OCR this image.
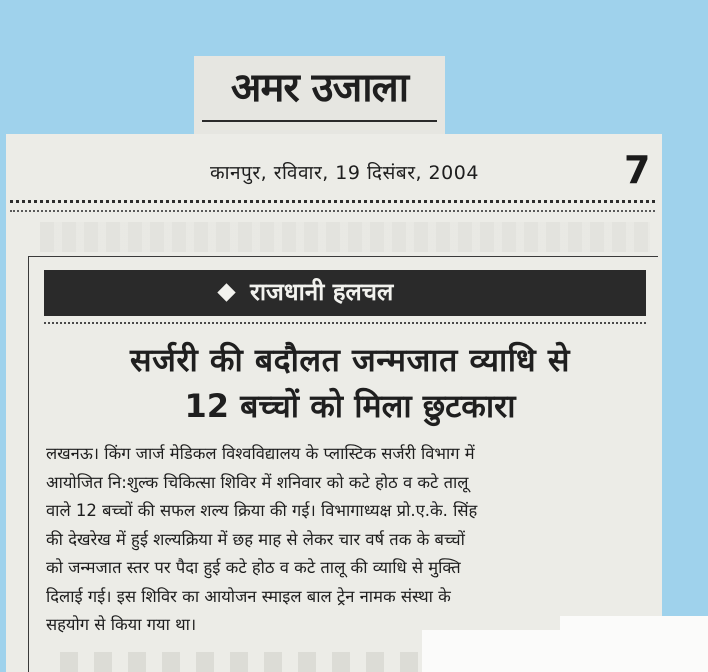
अमर उजाला
कानपुर, रविवार, 19 दिसंबर, 2004	7
राजधानी हलचल
सर्जरी की बदौलत जन्मजात व्याधि से
12 बच्चों को मिला छुटकारा
लखनऊ। किंग जार्ज मेडिकल विश्वविद्यालय के प्लास्टिक सर्जरी विभाग में
आयोजित नि:शुल्क चिकित्सा शिविर में शनिवार को कटे होठ व कटे तालू
वाले 12 बच्चों की सफल शल्य क्रिया की गई। विभागाध्यक्ष प्रो.ए.के. सिंह
की देखरेख में हुई शल्यक्रिया में छह माह से लेकर चार वर्ष तक के बच्चों
को जन्मजात स्तर पर पैदा हुई कटे होठ व कटे तालू की व्याधि से मुक्ति
दिलाई गई। इस शिविर का आयोजन स्माइल बाल ट्रेन नामक संस्था के
सहयोग से किया गया था।
